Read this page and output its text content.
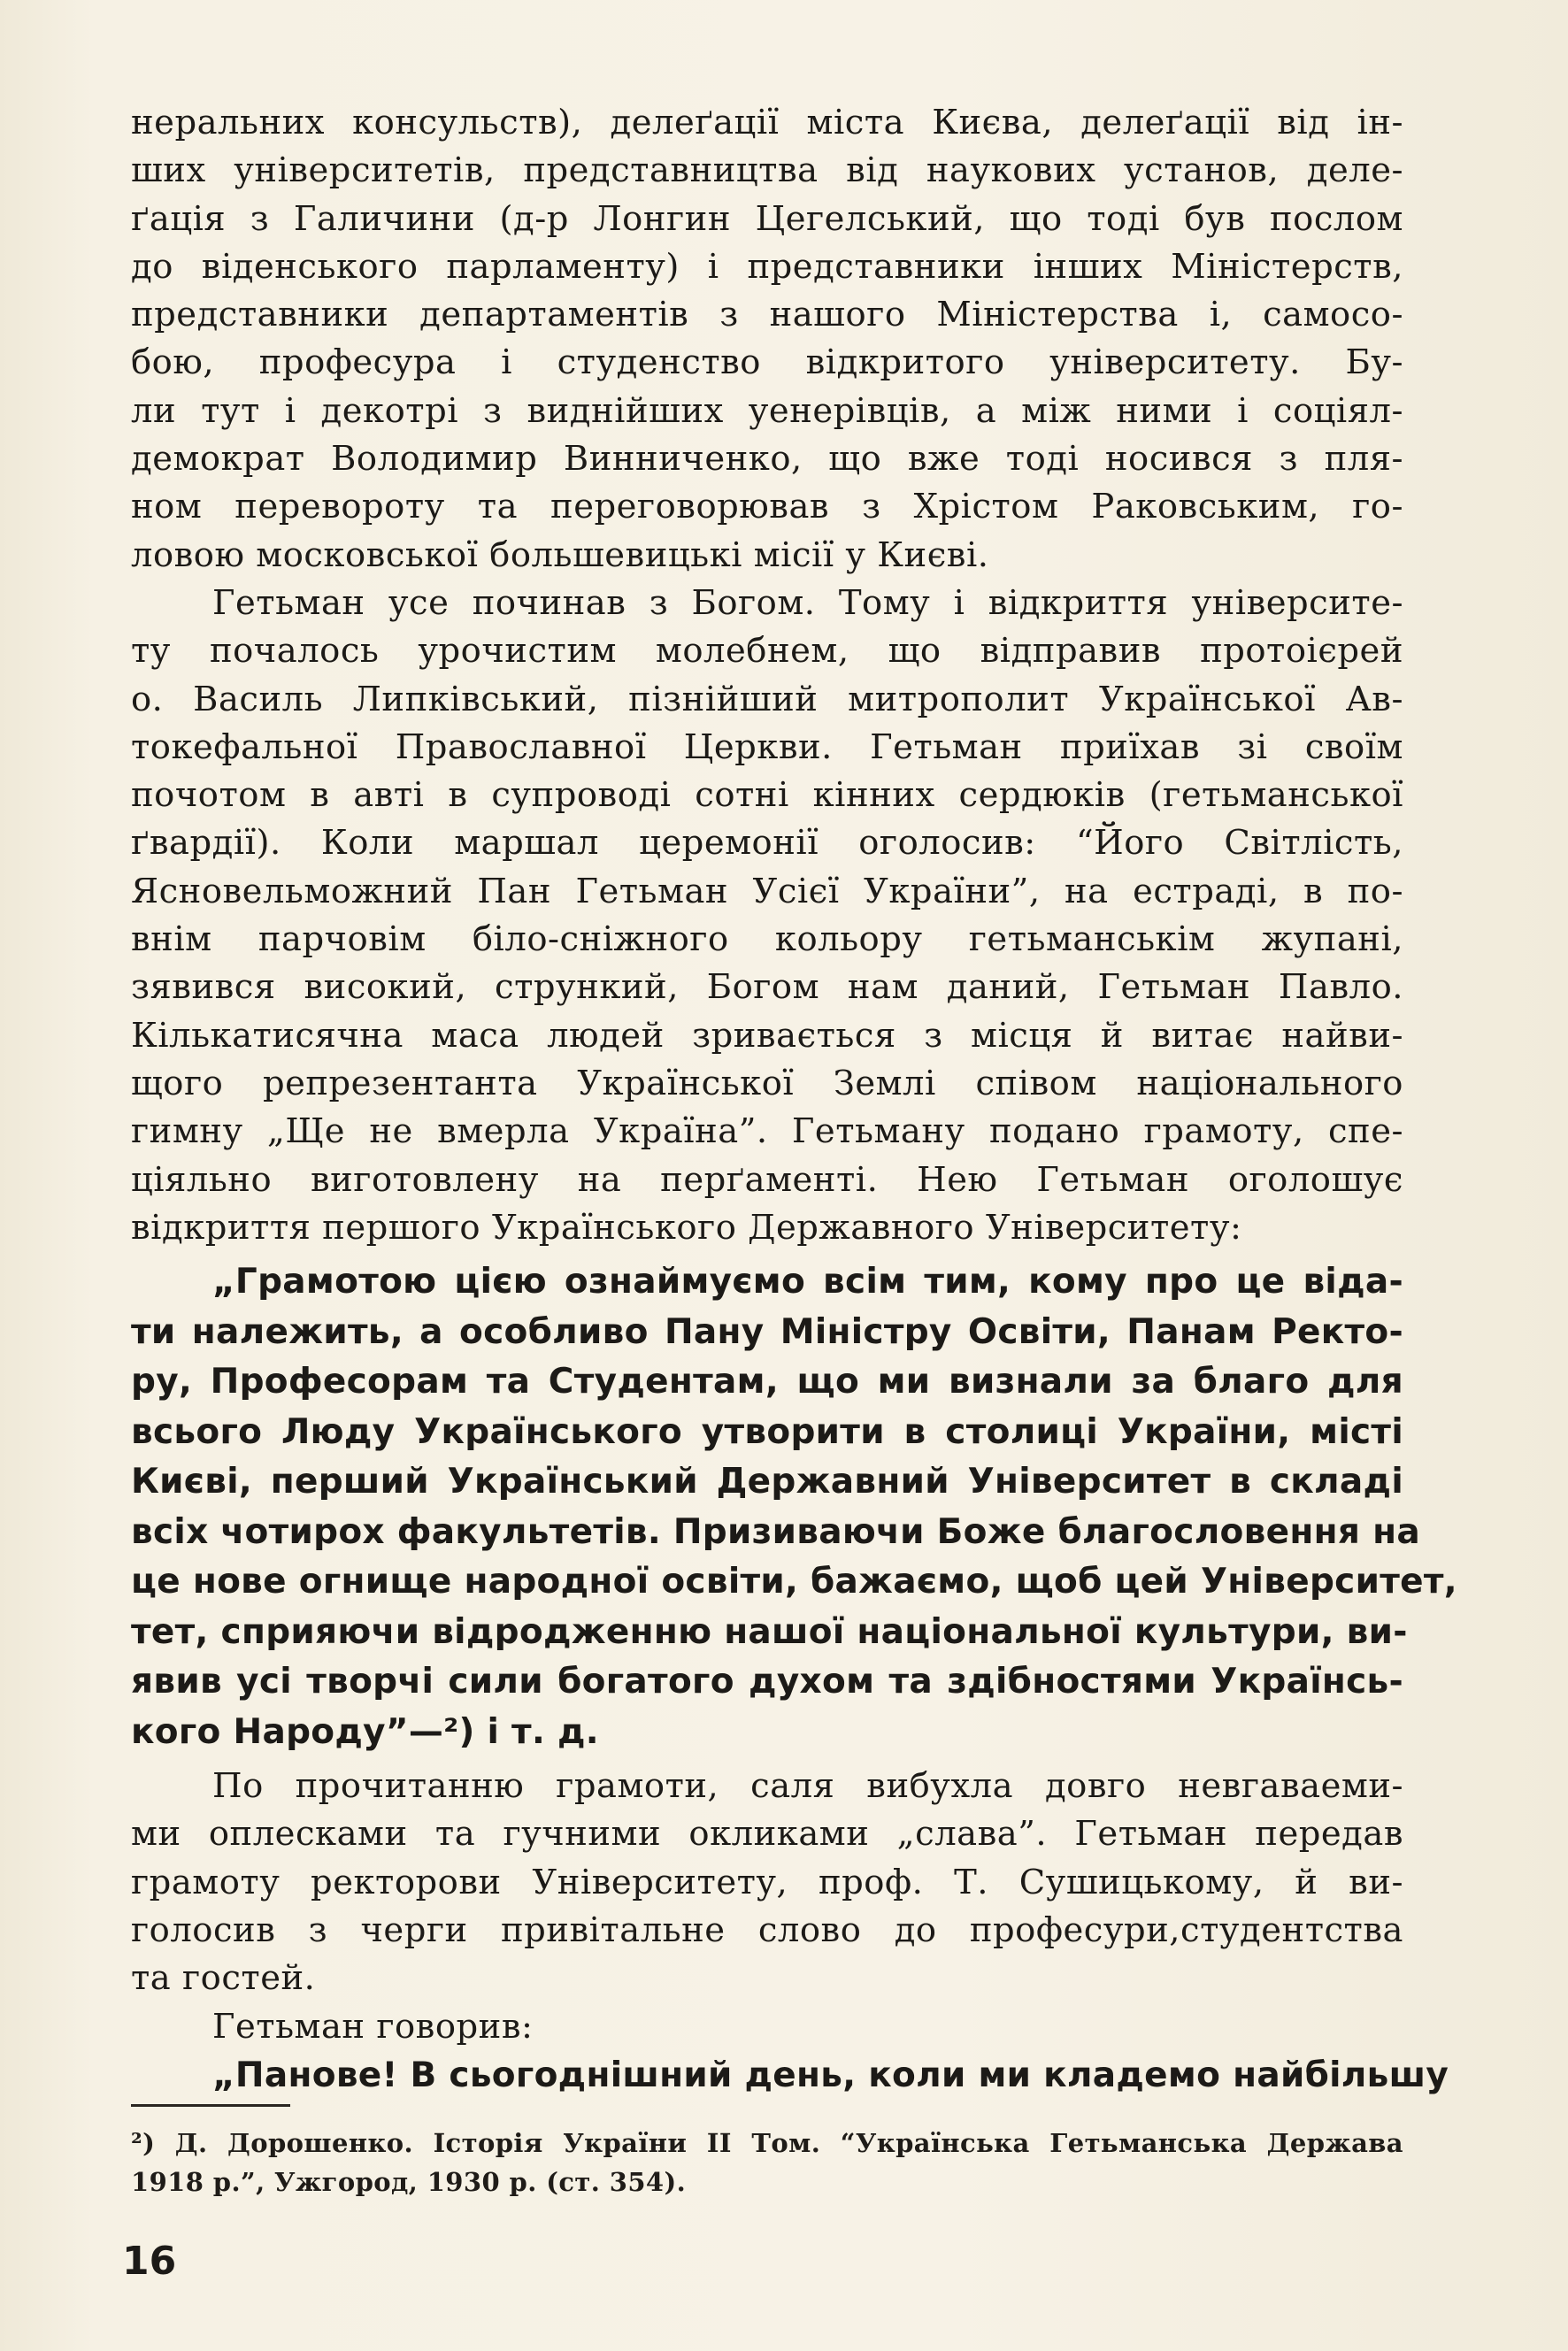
неральних консульств), делеґації міста Києва, делеґації від ін-
ших університетів, представництва від наукових установ, деле-
ґація з Галичини (д-р Лонгин Цегелський, що тоді був послом
до віденського парламенту) і представники інших Міністерств,
представники департаментів з нашого Міністерства і, самосо-
бою, професура і студенство відкритого університету. Бу-
ли тут і декотрі з виднійших уенерівців, а між ними і соціял-
демократ Володимир Винниченко, що вже тоді носився з пля-
ном перевороту та переговорював з Хрістом Раковським, го-
ловою московської большевицькі місії у Києві.
Гетьман усе починав з Богом. Тому і відкриття університе-
ту почалось урочистим молебнем, що відправив протоієрей
о. Василь Липківський, пізнійший митрополит Української Ав-
токефальної Православної Церкви. Гетьман приїхав зі своїм
почотом в авті в супроводі сотні кінних сердюків (гетьманської
ґвардії). Коли маршал церемонії оголосив: “Його Світлість,
Ясновельможний Пан Гетьман Усієї України”, на естраді, в по-
внім парчовім біло-сніжного кольору гетьманськім жупані,
зявився високий, стрункий, Богом нам даний, Гетьман Павло.
Кількатисячна маса людей зривається з місця й витає найви-
щого репрезентанта Української Землі співом національного
гимну „Ще не вмерла Україна”. Гетьману подано грамоту, спе-
ціяльно виготовлену на перґаменті. Нею Гетьман оголошує
відкриття першого Українського Державного Університету:
„Грамотою цією ознаймуємо всім тим, кому про це віда-
ти належить, а особливо Пану Міністру Освіти, Панам Ректо-
ру, Професорам та Студентам, що ми визнали за благо для
всього Люду Українського утворити в столиці України, місті
Києві, перший Український Державний Університет в складі
всіх чотирох факультетів. Призиваючи Боже благословення на
це нове огнище народної освіти, бажаємо, щоб цей Університет,
тет, сприяючи відродженню нашої національної культури, ви-
явив усі творчі сили богатого духом та здібностями Українсь-
кого Народу”—²) і т. д.
По прочитанню грамоти, саля вибухла довго невгаваеми-
ми оплесками та гучними окликами „слава”. Гетьман передав
грамоту ректорови Університету, проф. Т. Сушицькому, й ви-
голосив з черги привітальне слово до професури,студентства
та гостей.
Гетьман говорив:
„Панове! В сьогоднішний день, коли ми кладемо найбільшу
²) Д. Дорошенко. Історія України II Том. “Українська Гетьманська Держава
1918 р.”, Ужгород, 1930 р. (ст. 354).
16
